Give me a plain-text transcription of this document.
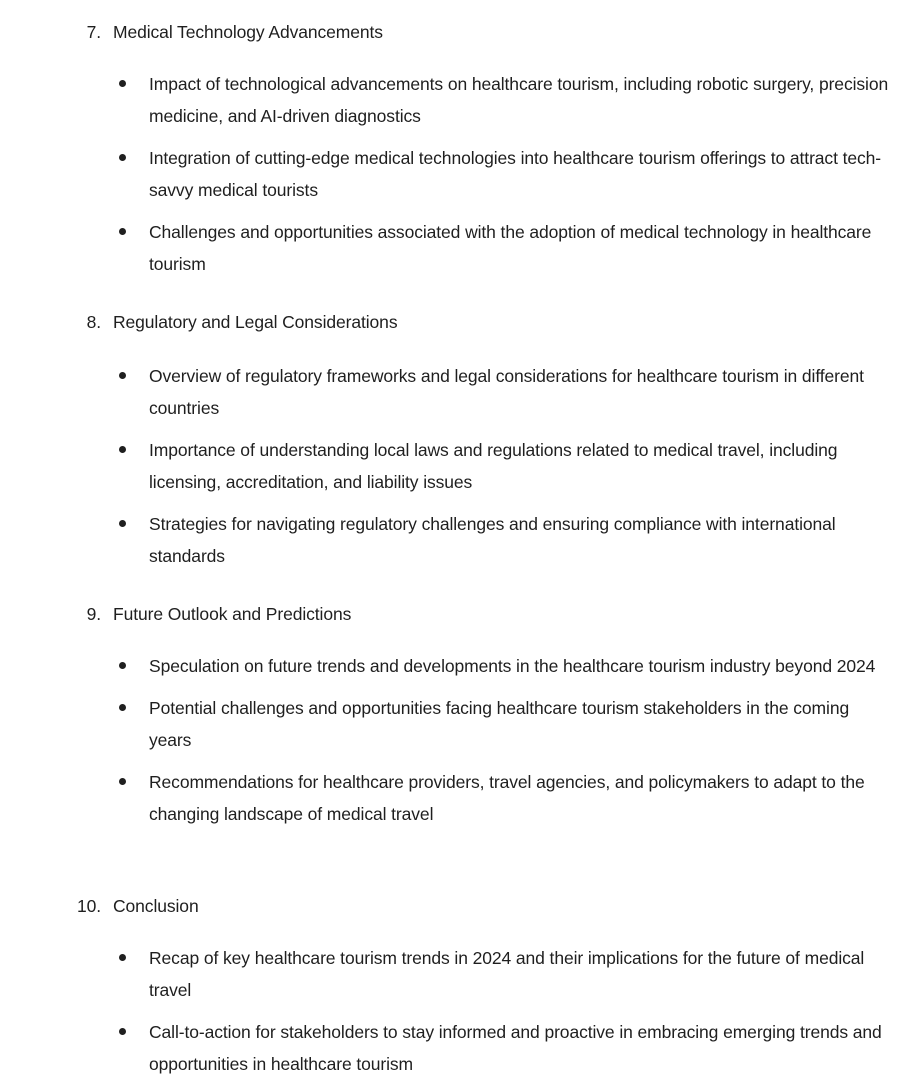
7. Medical Technology Advancements
Impact of technological advancements on healthcare tourism, including robotic surgery, precision medicine, and AI-driven diagnostics
Integration of cutting-edge medical technologies into healthcare tourism offerings to attract tech-savvy medical tourists
Challenges and opportunities associated with the adoption of medical technology in healthcare tourism
8. Regulatory and Legal Considerations
Overview of regulatory frameworks and legal considerations for healthcare tourism in different countries
Importance of understanding local laws and regulations related to medical travel, including licensing, accreditation, and liability issues
Strategies for navigating regulatory challenges and ensuring compliance with international standards
9. Future Outlook and Predictions
Speculation on future trends and developments in the healthcare tourism industry beyond 2024
Potential challenges and opportunities facing healthcare tourism stakeholders in the coming years
Recommendations for healthcare providers, travel agencies, and policymakers to adapt to the changing landscape of medical travel
10. Conclusion
Recap of key healthcare tourism trends in 2024 and their implications for the future of medical travel
Call-to-action for stakeholders to stay informed and proactive in embracing emerging trends and opportunities in healthcare tourism
